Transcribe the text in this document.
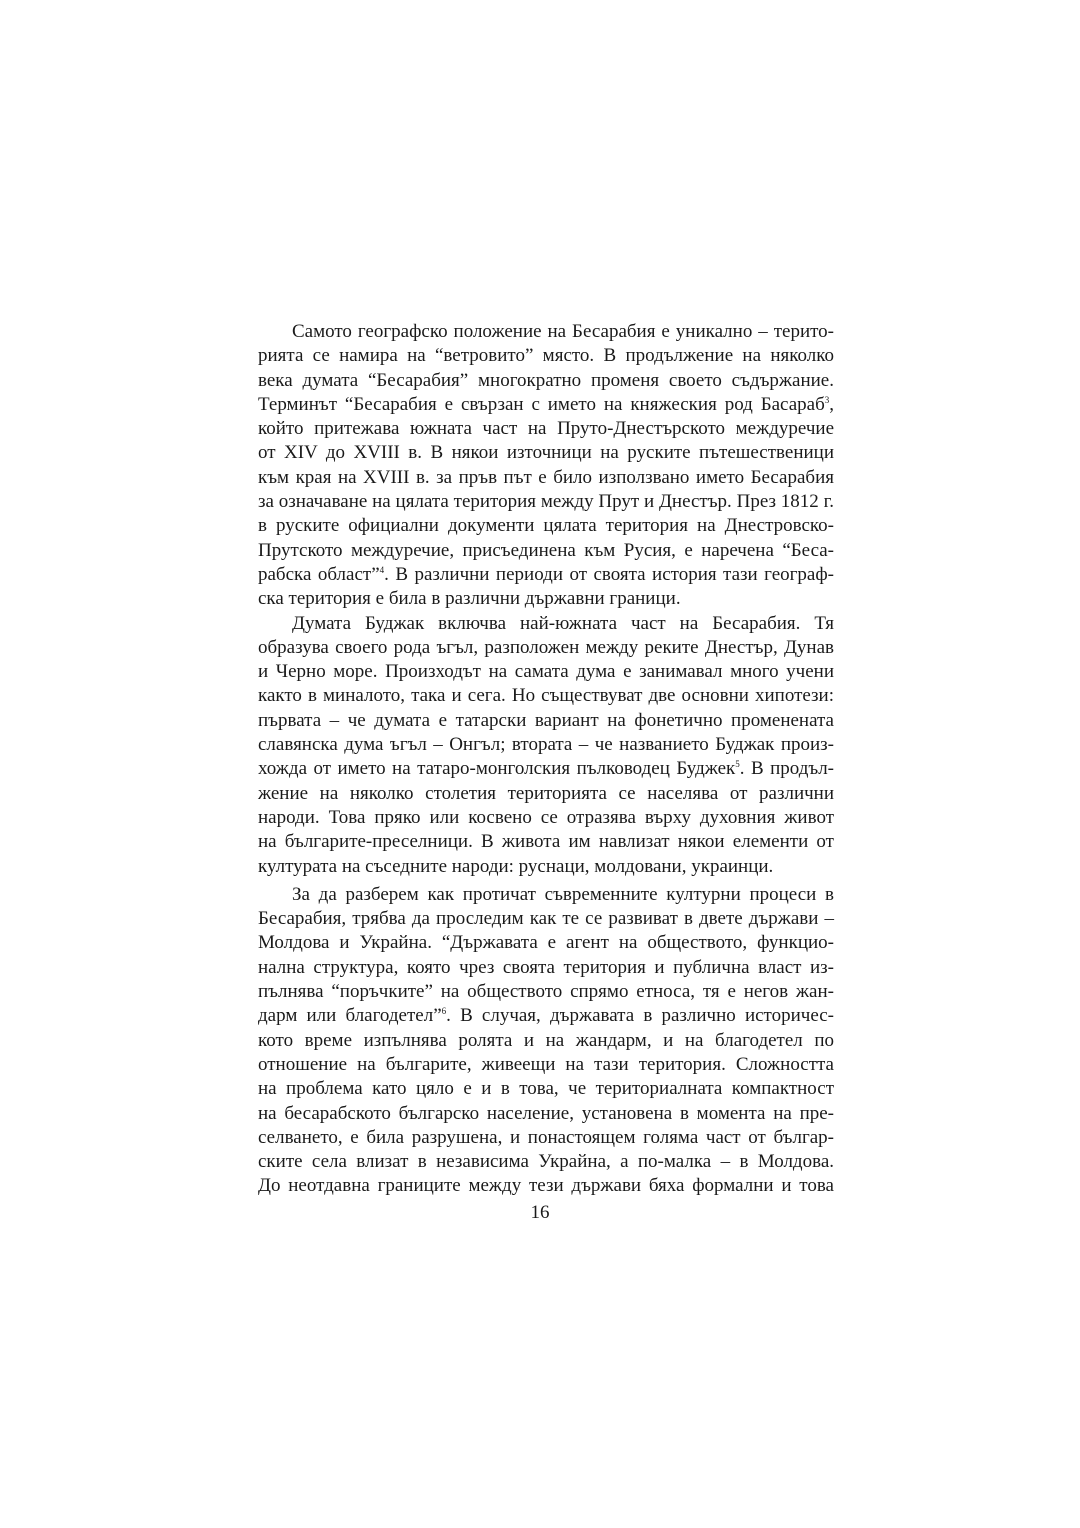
Самото географско положение на Бесарабия е уникално – терито-
рията се намира на “ветровито” място. В продължение на няколко
века думата “Бесарабия” многократно променя своето съдържание.
Терминът “Бесарабия е свързан с името на княжеския род Басараб$^3$,
който притежава южната част на Пруто-Днестърското междуречие
от XIV до XVIII в. В някои източници на руските пътешественици
към края на XVIII в. за пръв път е било използвано името Бесарабия
за означаване на цялата територия между Прут и Днестър. През 1812 г.
в руските официални документи цялата територия на Днестровско-
Прутското междуречие, присъединена към Русия, е наречена “Беса-
рабска област”$^4$. В различни периоди от своята история тази географ-
ска територия е била в различни държавни граници.

Думата Буджак включва най-южната част на Бесарабия. Тя
образува своего рода ъгъл, разположен между реките Днестър, Дунав
и Черно море. Произходът на самата дума е занимавал много учени
както в миналото, така и сега. Но съществуват две основни хипотези:
първата – че думата е татарски вариант на фонетично променената
славянска дума ъгъл – Онгъл; втората – че названието Буджак произ-
хожда от името на татаро-монголския пълководец Буджек$^5$. В продъл-
жение на няколко столетия територията се населява от различни
народи. Това пряко или косвено се отразява върху духовния живот
на българите-преселници. В живота им навлизат някои елементи от
културата на съседните народи: руснаци, молдовани, украинци.

За да разберем как протичат съвременните културни процеси в
Бесарабия, трябва да проследим как те се развиват в двете държави –
Молдова и Украйна. “Държавата е агент на обществото, функцио-
нална структура, която чрез своята територия и публична власт из-
пълнява “поръчките” на обществото спрямо етноса, тя е негов жан-
дарм или благодетел”$^6$. В случая, държавата в различно историчес-
кото време изпълнява ролята и на жандарм, и на благодетел по
отношение на българите, живеещи на тази територия. Сложността
на проблема като цяло е и в това, че териториалната компактност
на бесарабското българско население, установена в момента на пре-
селването, е била разрушена, и понастоящем голяма част от българ-
ските села влизат в независима Украйна, а по-малка – в Молдова.
До неотдавна границите между тези държави бяха формални и това

16
